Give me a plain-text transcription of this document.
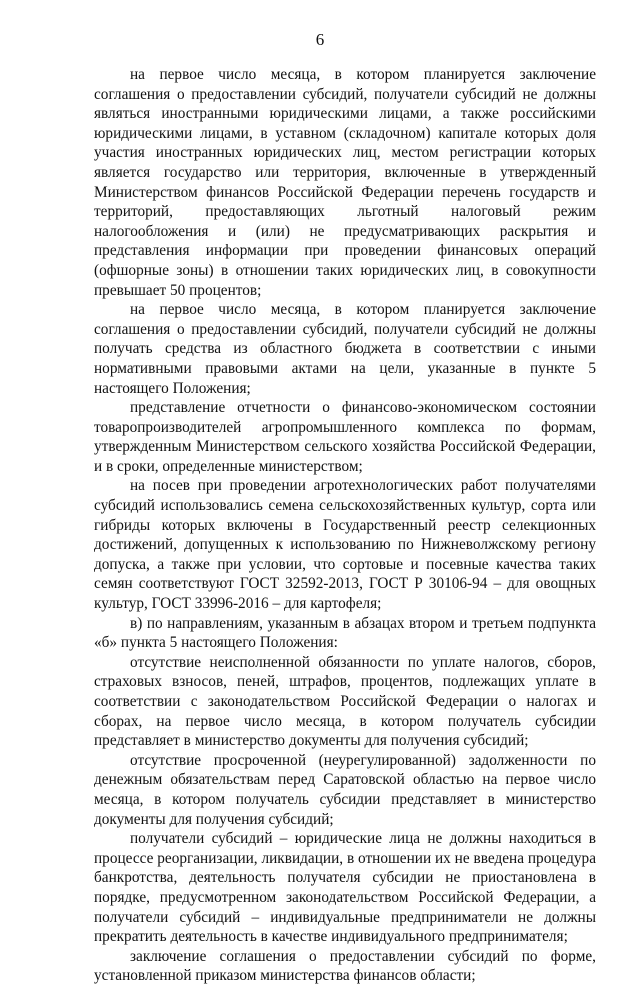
6

на первое число месяца, в котором планируется заключение соглашения о предоставлении субсидий, получатели субсидий не должны являться иностранными юридическими лицами, а также российскими юридическими лицами, в уставном (складочном) капитале которых доля участия иностранных юридических лиц, местом регистрации которых является государство или территория, включенные в утвержденный Министерством финансов Российской Федерации перечень государств и территорий, предоставляющих льготный налоговый режим налогообложения и (или) не предусматривающих раскрытия и представления информации при проведении финансовых операций (офшорные зоны) в отношении таких юридических лиц, в совокупности превышает 50 процентов;

на первое число месяца, в котором планируется заключение соглашения о предоставлении субсидий, получатели субсидий не должны получать средства из областного бюджета в соответствии с иными нормативными правовыми актами на цели, указанные в пункте 5 настоящего Положения;

представление отчетности о финансово-экономическом состоянии товаропроизводителей агропромышленного комплекса по формам, утвержденным Министерством сельского хозяйства Российской Федерации, и в сроки, определенные министерством;

на посев при проведении агротехнологических работ получателями субсидий использовались семена сельскохозяйственных культур, сорта или гибриды которых включены в Государственный реестр селекционных достижений, допущенных к использованию по Нижневолжскому региону допуска, а также при условии, что сортовые и посевные качества таких семян соответствуют ГОСТ 32592-2013, ГОСТ Р 30106-94 – для овощных культур, ГОСТ 33996-2016 – для картофеля;

в) по направлениям, указанным в абзацах втором и третьем подпункта «б» пункта 5 настоящего Положения:

отсутствие неисполненной обязанности по уплате налогов, сборов, страховых взносов, пеней, штрафов, процентов, подлежащих уплате в соответствии с законодательством Российской Федерации о налогах и сборах, на первое число месяца, в котором получатель субсидии представляет в министерство документы для получения субсидий;

отсутствие просроченной (неурегулированной) задолженности по денежным обязательствам перед Саратовской областью на первое число месяца, в котором получатель субсидии представляет в министерство документы для получения субсидий;

получатели субсидий – юридические лица не должны находиться в процессе реорганизации, ликвидации, в отношении их не введена процедура банкротства, деятельность получателя субсидии не приостановлена в порядке, предусмотренном законодательством Российской Федерации, а получатели субсидий – индивидуальные предприниматели не должны прекратить деятельность в качестве индивидуального предпринимателя;

заключение соглашения о предоставлении субсидий по форме, установленной приказом министерства финансов области;
